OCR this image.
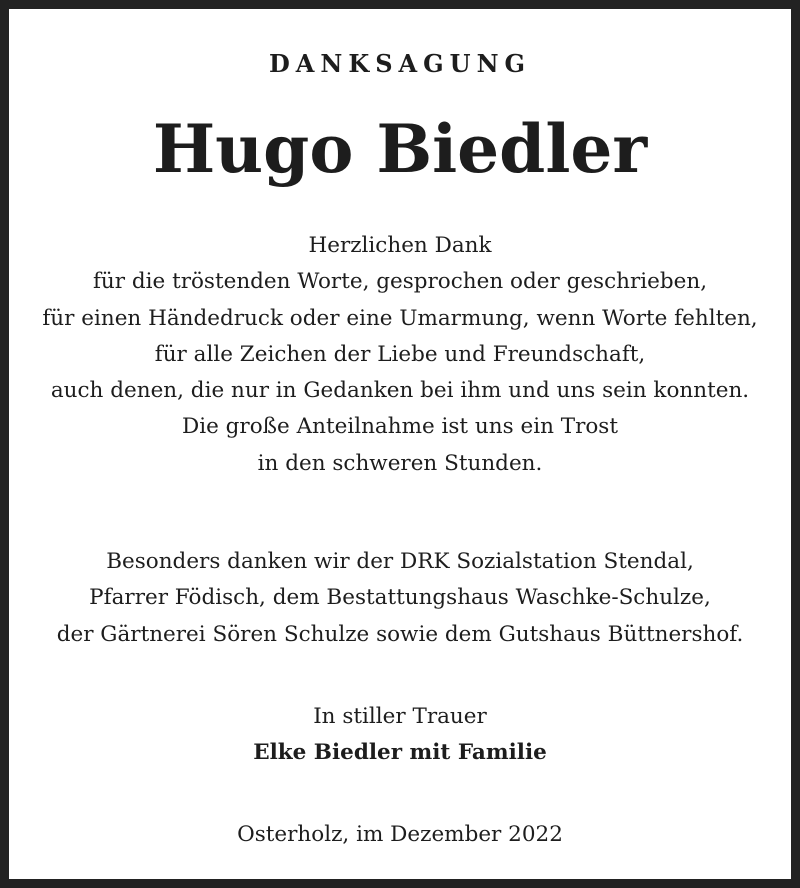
DANKSAGUNG
Hugo Biedler
Herzlichen Dank
für die tröstenden Worte, gesprochen oder geschrieben,
für einen Händedruck oder eine Umarmung, wenn Worte fehlten,
für alle Zeichen der Liebe und Freundschaft,
auch denen, die nur in Gedanken bei ihm und uns sein konnten.
Die große Anteilnahme ist uns ein Trost
in den schweren Stunden.
Besonders danken wir der DRK Sozialstation Stendal,
Pfarrer Födisch, dem Bestattungshaus Waschke-Schulze,
der Gärtnerei Sören Schulze sowie dem Gutshaus Büttnershof.
In stiller Trauer
Elke Biedler mit Familie
Osterholz, im Dezember 2022
